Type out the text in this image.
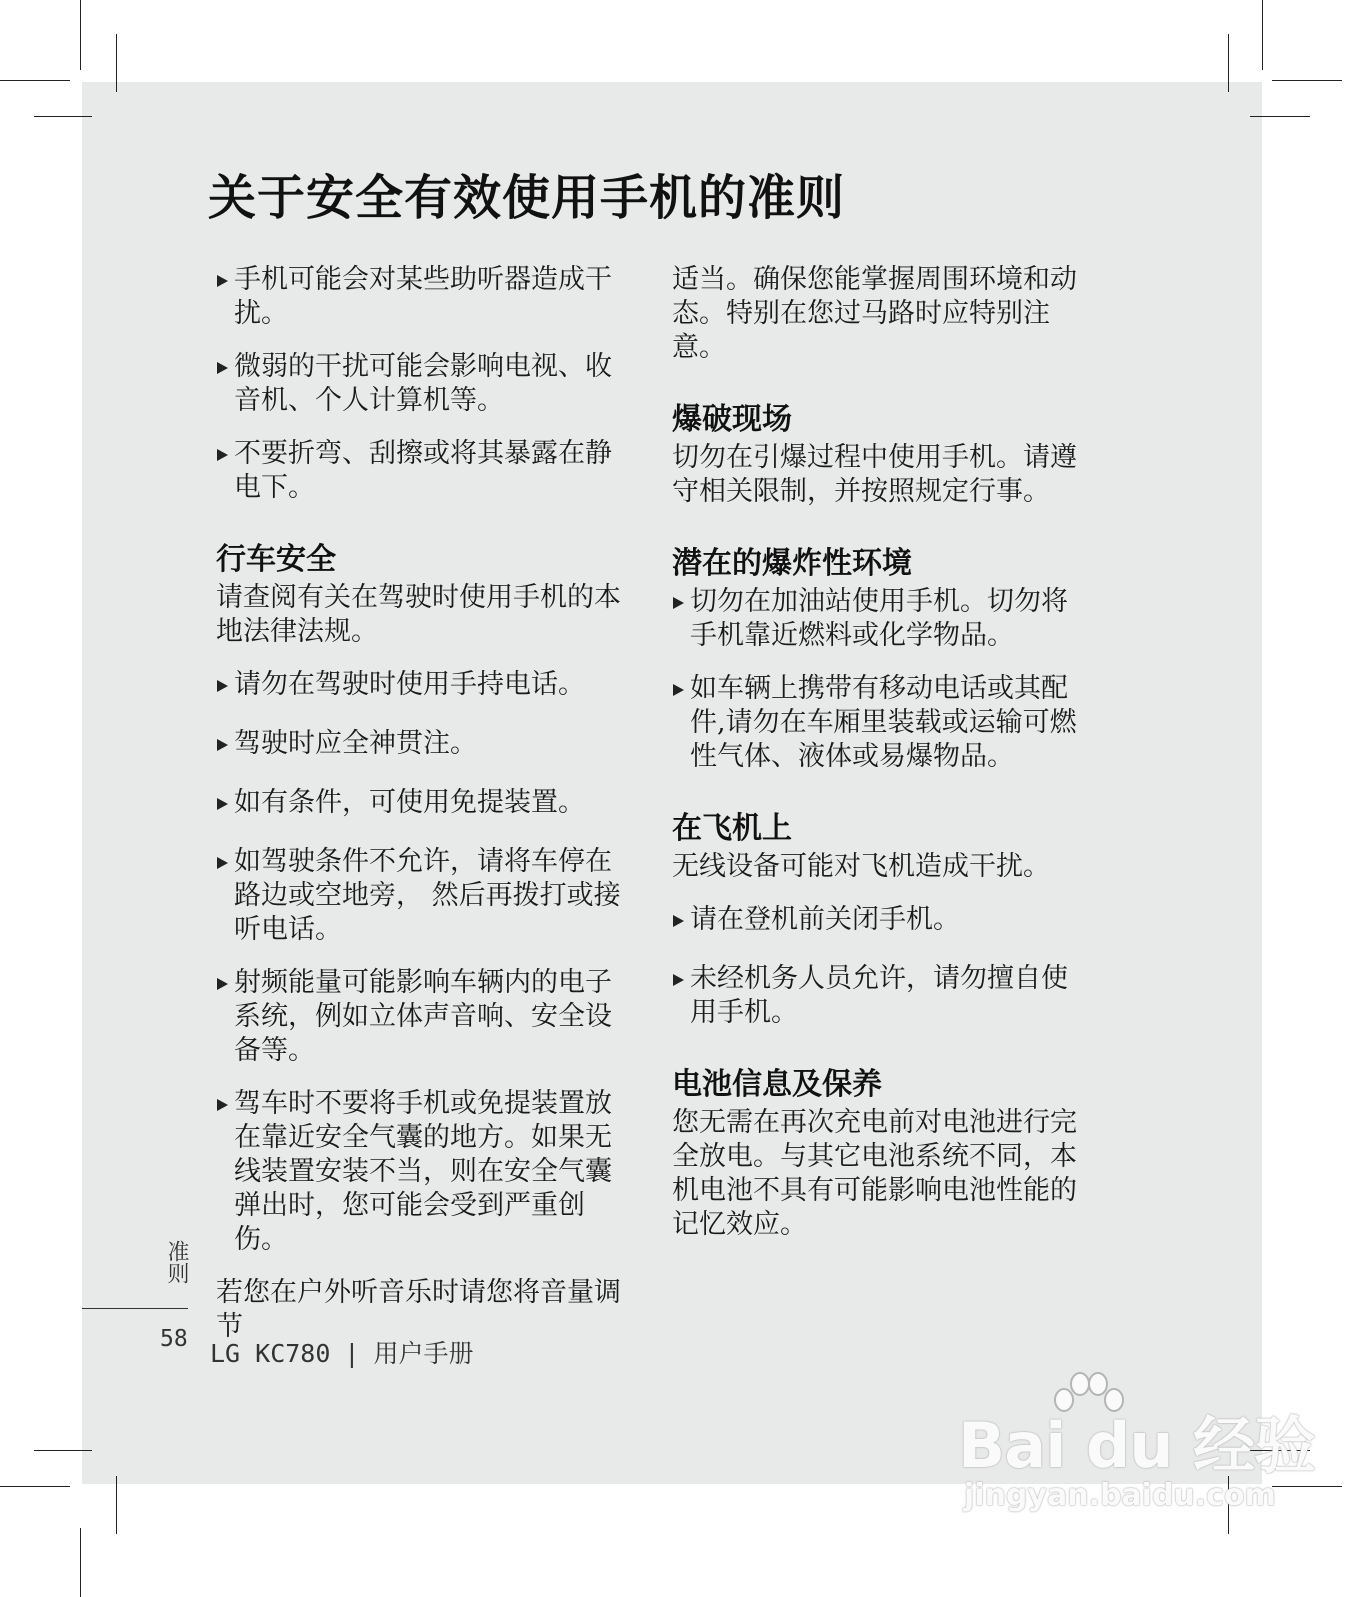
关于安全有效使用手机的准则
手机可能会对某些助听器造成干扰。
微弱的干扰可能会影响电视、收音机、个人计算机等。
不要折弯、刮擦或将其暴露在静电下。
行车安全
请查阅有关在驾驶时使用手机的本地法律法规。
请勿在驾驶时使用手持电话。
驾驶时应全神贯注。
如有条件，可使用免提装置。
如驾驶条件不允许，请将车停在路边或空地旁， 然后再拨打或接听电话。
射频能量可能影响车辆内的电子系统，例如立体声音响、安全设备等。
驾车时不要将手机或免提装置放在靠近安全气囊的地方。如果无线装置安装不当，则在安全气囊弹出时，您可能会受到严重创伤。
若您在户外听音乐时请您将音量调节
适当。确保您能掌握周围环境和动态。特别在您过马路时应特别注意。
爆破现场
切勿在引爆过程中使用手机。请遵守相关限制，并按照规定行事。
潜在的爆炸性环境
切勿在加油站使用手机。切勿将手机靠近燃料或化学物品。
如车辆上携带有移动电话或其配件,请勿在车厢里装载或运输可燃性气体、液体或易爆物品。
在飞机上
无线设备可能对飞机造成干扰。
请在登机前关闭手机。
未经机务人员允许，请勿擅自使用手机。
电池信息及保养
您无需在再次充电前对电池进行完全放电。与其它电池系统不同，本机电池不具有可能影响电池性能的记忆效应。
准则
58 LG KC780 | 用户手册
Bai du 经验
jingyan.baidu.com
